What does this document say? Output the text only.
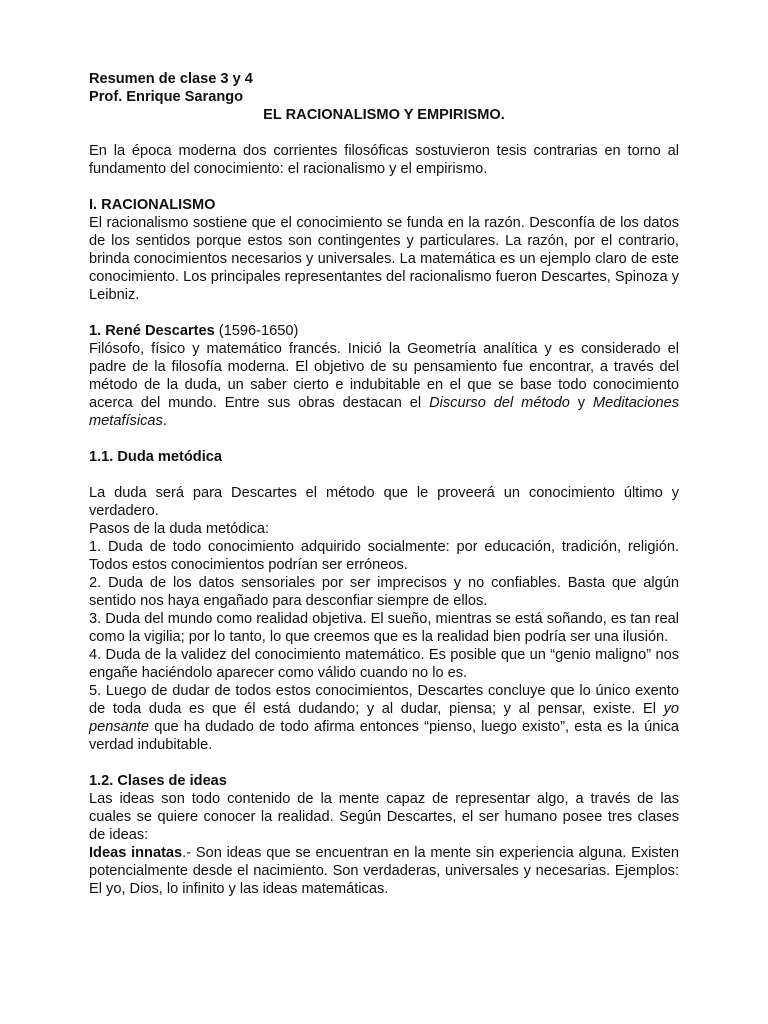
Resumen de clase 3 y 4

Prof. Enrique Sarango

EL RACIONALISMO Y EMPIRISMO.

En la época moderna dos corrientes filosóficas sostuvieron tesis contrarias en torno al fundamento del conocimiento: el racionalismo y el empirismo.

I. RACIONALISMO

El racionalismo sostiene que el conocimiento se funda en la razón. Desconfía de los datos de los sentidos porque estos son contingentes y particulares. La razón, por el contrario, brinda conocimientos necesarios y universales. La matemática es un ejemplo claro de este conocimiento. Los principales representantes del racionalismo fueron Descartes, Spinoza y Leibniz.

1. René Descartes (1596-1650)

Filósofo, físico y matemático francés. Inició la Geometría analítica y es considerado el padre de la filosofía moderna. El objetivo de su pensamiento fue encontrar, a través del método de la duda, un saber cierto e indubitable en el que se base todo conocimiento acerca del mundo. Entre sus obras destacan el Discurso del método y Meditaciones metafísicas.

1.1. Duda metódica

La duda será para Descartes el método que le proveerá un conocimiento último y verdadero.

Pasos de la duda metódica:

1. Duda de todo conocimiento adquirido socialmente: por educación, tradición, religión. Todos estos conocimientos podrían ser erróneos.

2. Duda de los datos sensoriales por ser imprecisos y no confiables. Basta que algún sentido nos haya engañado para desconfiar siempre de ellos.

3. Duda del mundo como realidad objetiva. El sueño, mientras se está soñando, es tan real como la vigilia; por lo tanto, lo que creemos que es la realidad bien podría ser una ilusión.

4. Duda de la validez del conocimiento matemático. Es posible que un “genio maligno” nos engañe haciéndolo aparecer como válido cuando no lo es.

5. Luego de dudar de todos estos conocimientos, Descartes concluye que lo único exento de toda duda es que él está dudando; y al dudar, piensa; y al pensar, existe. El yo pensante que ha dudado de todo afirma entonces “pienso, luego existo”, esta es la única verdad indubitable.

1.2. Clases de ideas

Las ideas son todo contenido de la mente capaz de representar algo, a través de las cuales se quiere conocer la realidad. Según Descartes, el ser humano posee tres clases de ideas:

Ideas innatas.- Son ideas que se encuentran en la mente sin experiencia alguna. Existen potencialmente desde el nacimiento. Son verdaderas, universales y necesarias. Ejemplos: El yo, Dios, lo infinito y las ideas matemáticas.
